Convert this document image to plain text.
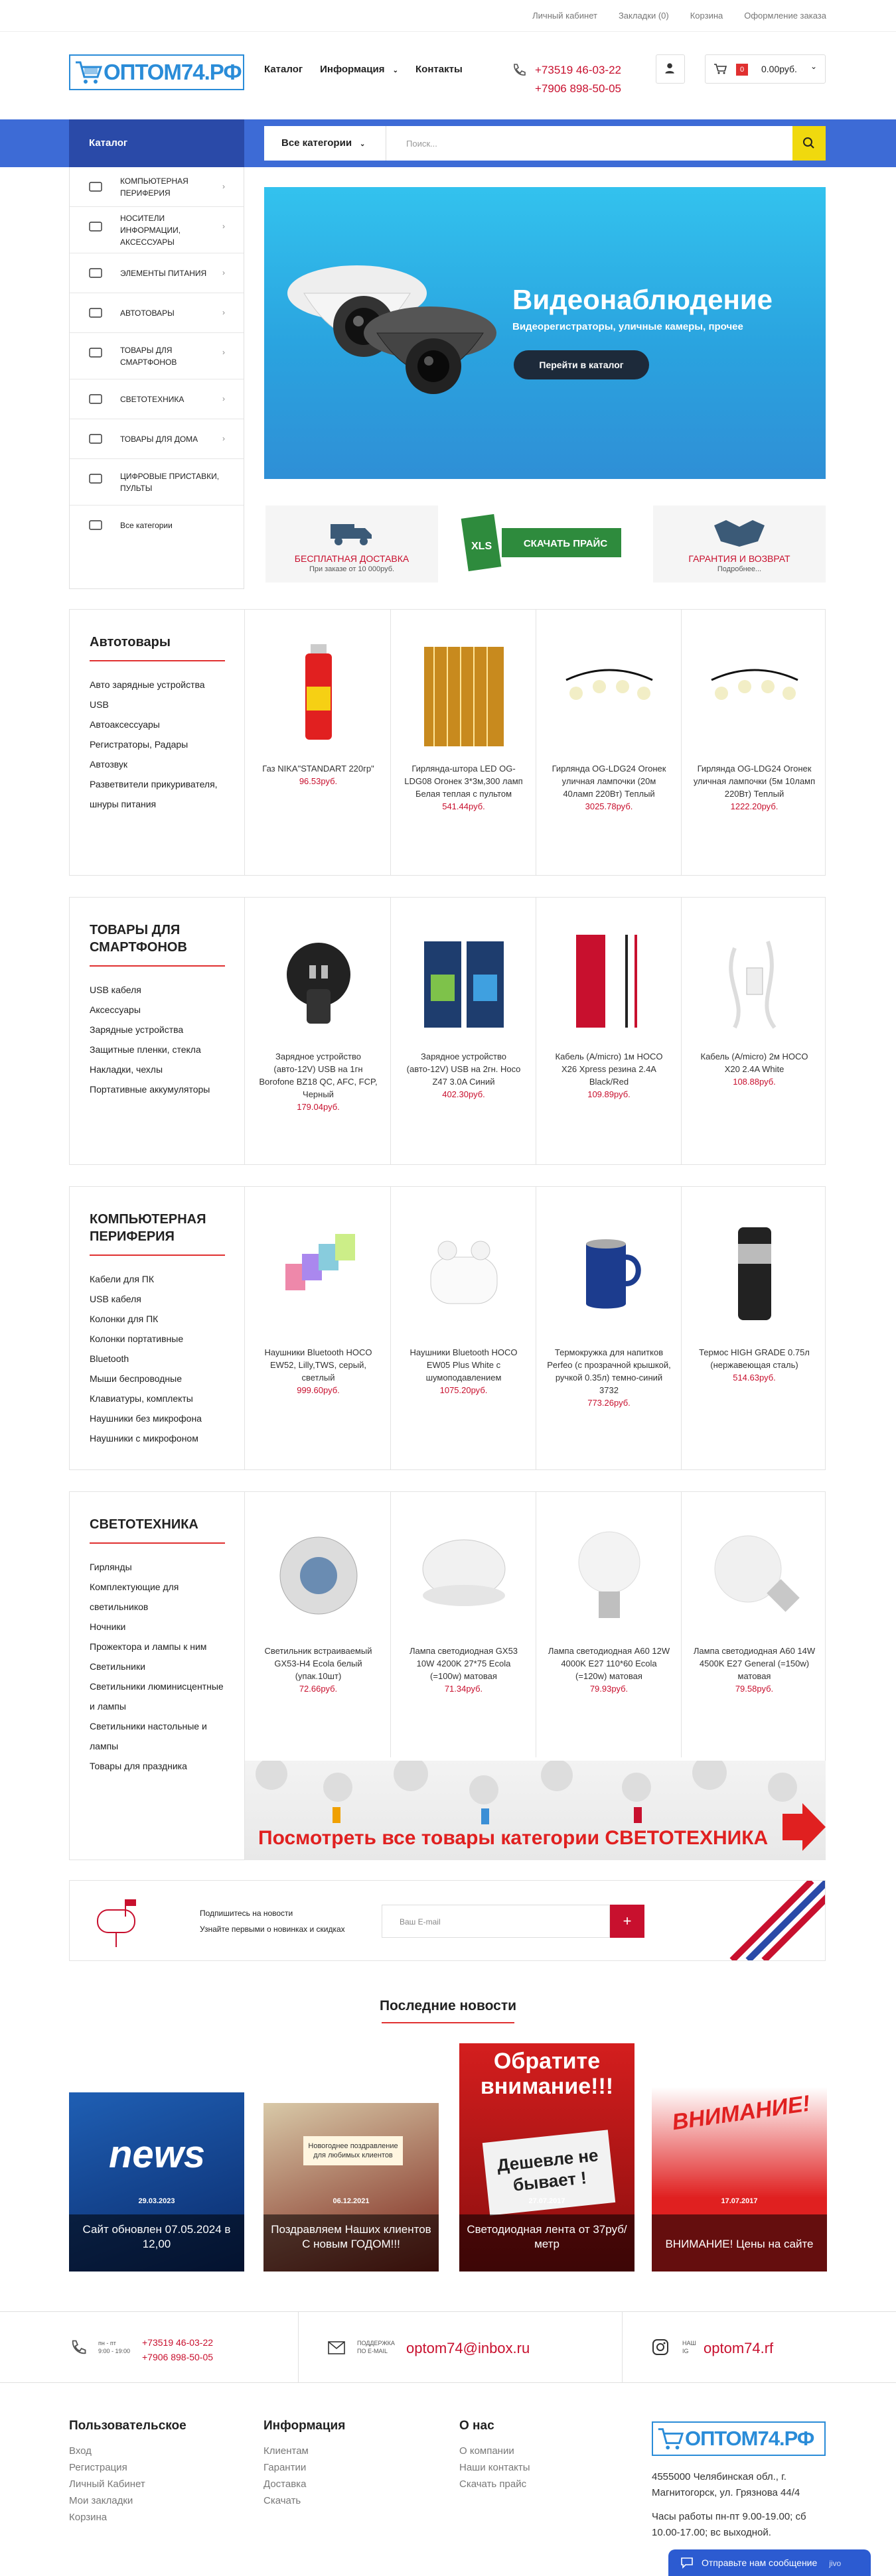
Личный кабинет Закладки (0) Корзина Оформление заказа
ОПТОМ74.РФ Каталог Информация ⌄ Контакты	+73519 46-03-22
+7906 898-50-05
0	0.00руб. ⌄
Каталог	Все категории ⌄	Поиск...
КОМПЬЮТЕРНАЯ ПЕРИФЕРИЯ
›
НОСИТЕЛИ ИНФОРМАЦИИ, АКСЕССУАРЫ
›
ЭЛЕМЕНТЫ ПИТАНИЯ	›
АВТОТОВАРЫ	›
ТОВАРЫ ДЛЯ СМАРТФОНОВ
›
СВЕТОТЕХНИКА	›
ТОВАРЫ ДЛЯ ДОМА	›
ЦИФРОВЫЕ ПРИСТАВКИ, ПУЛЬТЫ
Все категории
Видеонаблюдение

Видеорегистраторы, уличные камеры, прочее

Перейти в каталог
БЕСПЛАТНАЯ ДОСТАВКА
При заказе от 10 000руб.
XLS	СКАЧАТЬ ПРАЙС
ГАРАНТИЯ И ВОЗВРАТ
Подробнее...
Автотовары
Авто зарядные устройства USB
Автоаксессуары
Регистраторы, Радары
Автозвук
Разветвители прикуривателя, шнуры питания
Газ NIKA"STANDART 220гр"
96.53руб.
Гирлянда-штора LED OG-LDG08 Огонек 3*3м,300 ламп Белая теплая с пультом
541.44руб.
Гирлянда OG-LDG24 Огонек уличная лампочки (20м 40ламп 220Вт) Теплый
3025.78руб.
Гирлянда OG-LDG24 Огонек уличная лампочки (5м 10ламп 220Вт) Теплый
1222.20руб.
ТОВАРЫ ДЛЯ СМАРТФОНОВ
USB кабеля
Аксессуары
Зарядные устройства
Защитные пленки, стекла
Накладки, чехлы
Портативные аккумуляторы
Зарядное устройство (авто-12V) USB на 1гн Borofone BZ18 QC, AFC, FCP, Черный
179.04руб.
Зарядное устройство (авто-12V) USB на 2гн. Hoco Z47 3.0A Синий
402.30руб.
Кабель (A/micro) 1м HOCO X26 Xpress резина 2.4A Black/Red
109.89руб.
Кабель (A/micro) 2м HOCO X20 2.4A White
108.88руб.
КОМПЬЮТЕРНАЯ ПЕРИФЕРИЯ
Кабели для ПК
USB кабеля
Колонки для ПК
Колонки портативные Bluetooth
Мыши беспроводные
Клавиатуры, комплекты
Наушники без микрофона
Наушники с микрофоном
Наушники Bluetooth HOCO EW52, Lilly,TWS, серый, светлый
999.60руб.
Наушники Bluetooth HOCO EW05 Plus White с шумоподавлением
1075.20руб.
Термокружка для напитков Perfeo (с прозрачной крышкой, ручкой 0.35л) темно-синий 3732
773.26руб.
Термос HIGH GRADE 0.75л (нержавеющая сталь)
514.63руб.
СВЕТОТЕХНИКА
Гирлянды
Комплектующие для светильников
Ночники
Прожектора и лампы к ним
Светильники
Светильники люминисцентные и лампы
Светильники настольные и лампы
Товары для праздника
Светильник встраиваемый GX53-H4 Ecola белый (упак.10шт)
72.66руб.
Лампа светодиодная GX53 10W 4200K 27*75 Ecola (=100w) матовая
71.34руб.
Лампа светодиодная A60 12W 4000K E27 110*60 Ecola (=120w) матовая
79.93руб.
Лампа светодиодная A60 14W 4500K E27 General (=150w) матовая
79.58руб.
Посмотреть все товары категории СВЕТОТЕХНИКА
Подпишитесь на новости
Узнайте первыми о новинках и скидках
Ваш E-mail	+
Последние новости
news
29.03.2023
Сайт обновлен 07.05.2024 в 12,00
Новогоднее поздравление для любимых клиентов
06.12.2021
Поздравляем Наших клиентов С новым ГОДОМ!!!
Обратите внимание!!!
Дешевле не бывает !
27.07.2017
Светодиодная лента от 37руб/метр
ВНИМАНИЕ!
17.07.2017
ВНИМАНИЕ! Цены на сайте
пн - пт
9:00 - 19:00
+73519 46-03-22
+7906 898-50-05
ПОДДЕРЖКА
ПО E-MAIL optom74@inbox.ru	НАШ
IG optom74.rf
Пользовательское
Вход
Регистрация
Личный Кабинет
Мои закладки
Корзина
Информация
Клиентам
Гарантии
Доставка
Скачать
О нас
О компании
Наши контакты
Скачать прайс
ОПТОМ74.РФ
4555000 Челябинская обл., г. Магнитогорск, ул. Грязнова 44/4
Часы работы пн-пт 9.00-19.00; сб 10.00-17.00; вс выходной.
Отправьте нам сообщение jivo
